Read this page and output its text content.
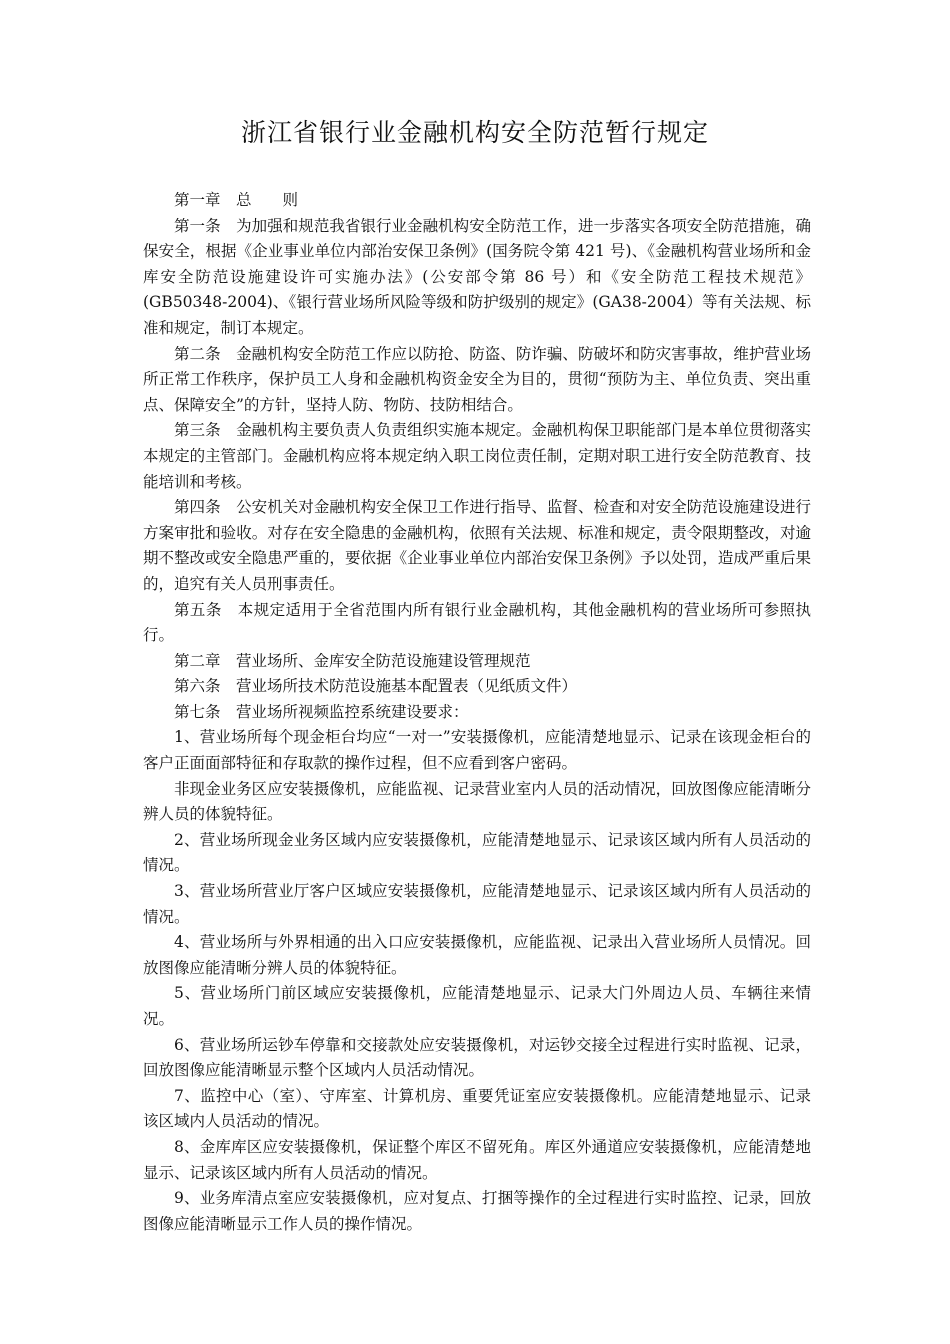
浙江省银行业金融机构安全防范暂行规定

第一章　总　　则

第一条　为加强和规范我省银行业金融机构安全防范工作，进一步落实各项安全防范措施，确保安全，根据《企业事业单位内部治安保卫条例》(国务院令第 421 号)、《金融机构营业场所和金库安全防范设施建设许可实施办法》(公安部令第 86 号）和《安全防范工程技术规范》(GB50348-2004)、《银行营业场所风险等级和防护级别的规定》(GA38-2004）等有关法规、标准和规定，制订本规定。

第二条　金融机构安全防范工作应以防抢、防盗、防诈骗、防破坏和防灾害事故，维护营业场所正常工作秩序，保护员工人身和金融机构资金安全为目的，贯彻“预防为主、单位负责、突出重点、保障安全”的方针，坚持人防、物防、技防相结合。

第三条　金融机构主要负责人负责组织实施本规定。金融机构保卫职能部门是本单位贯彻落实本规定的主管部门。金融机构应将本规定纳入职工岗位责任制，定期对职工进行安全防范教育、技能培训和考核。

第四条　公安机关对金融机构安全保卫工作进行指导、监督、检查和对安全防范设施建设进行方案审批和验收。对存在安全隐患的金融机构，依照有关法规、标准和规定，责令限期整改，对逾期不整改或安全隐患严重的，要依据《企业事业单位内部治安保卫条例》予以处罚，造成严重后果的，追究有关人员刑事责任。

第五条　本规定适用于全省范围内所有银行业金融机构，其他金融机构的营业场所可参照执行。

第二章　营业场所、金库安全防范设施建设管理规范

第六条　营业场所技术防范设施基本配置表（见纸质文件）

第七条　营业场所视频监控系统建设要求：

1、营业场所每个现金柜台均应“一对一”安装摄像机，应能清楚地显示、记录在该现金柜台的客户正面面部特征和存取款的操作过程，但不应看到客户密码。

非现金业务区应安装摄像机，应能监视、记录营业室内人员的活动情况，回放图像应能清晰分辨人员的体貌特征。

2、营业场所现金业务区域内应安装摄像机，应能清楚地显示、记录该区域内所有人员活动的情况。

3、营业场所营业厅客户区域应安装摄像机，应能清楚地显示、记录该区域内所有人员活动的情况。

4、营业场所与外界相通的出入口应安装摄像机，应能监视、记录出入营业场所人员情况。回放图像应能清晰分辨人员的体貌特征。

5、营业场所门前区域应安装摄像机，应能清楚地显示、记录大门外周边人员、车辆往来情况。

6、营业场所运钞车停靠和交接款处应安装摄像机，对运钞交接全过程进行实时监视、记录，回放图像应能清晰显示整个区域内人员活动情况。

7、监控中心（室）、守库室、计算机房、重要凭证室应安装摄像机。应能清楚地显示、记录该区域内人员活动的情况。

8、金库库区应安装摄像机，保证整个库区不留死角。库区外通道应安装摄像机，应能清楚地显示、记录该区域内所有人员活动的情况。

9、业务库清点室应安装摄像机，应对复点、打捆等操作的全过程进行实时监控、记录，回放图像应能清晰显示工作人员的操作情况。
